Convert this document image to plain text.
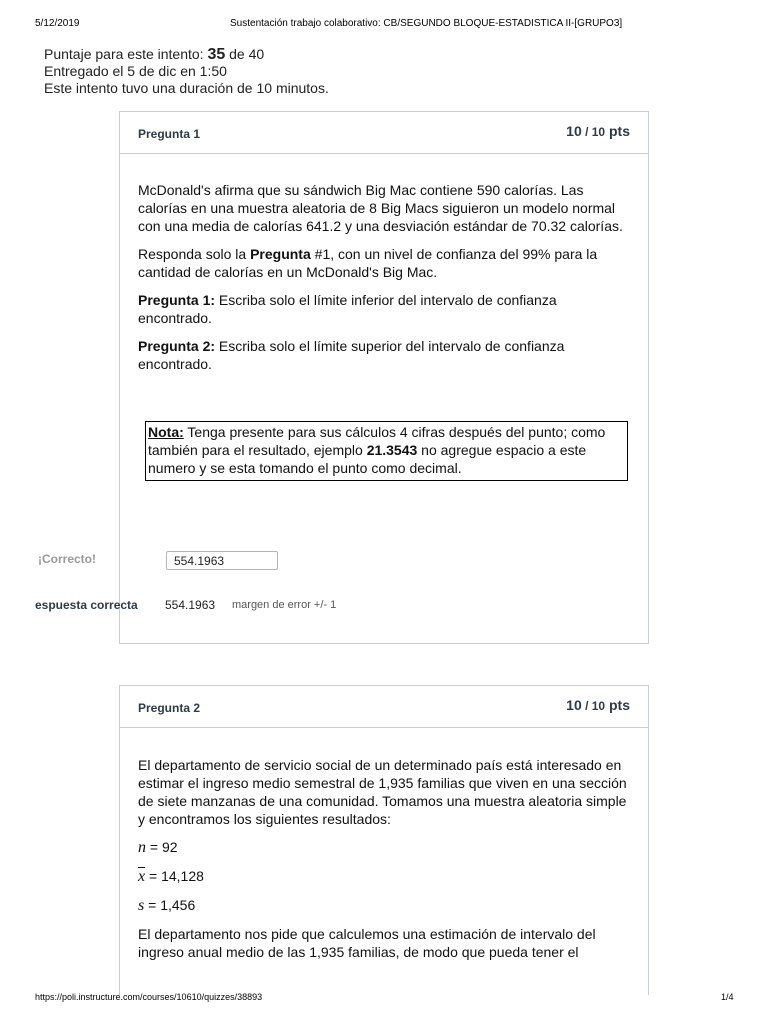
5/12/2019	Sustentación trabajo colaborativo: CB/SEGUNDO BLOQUE-ESTADISTICA II-[GRUPO3]
Puntaje para este intento: 35 de 40
Entregado el 5 de dic en 1:50
Este intento tuvo una duración de 10 minutos.
Pregunta 1	10 / 10 pts

McDonald's afirma que su sándwich Big Mac contiene 590 calorías. Las calorías en una muestra aleatoria de 8 Big Macs siguieron un modelo normal con una media de calorías 641.2 y una desviación estándar de 70.32 calorías.

Responda solo la Pregunta #1, con un nivel de confianza del 99% para la cantidad de calorías en un McDonald's Big Mac.

Pregunta 1: Escriba solo el límite inferior del intervalo de confianza encontrado.

Pregunta 2: Escriba solo el límite superior del intervalo de confianza encontrado.

Nota: Tenga presente para sus cálculos 4 cifras después del punto; como también para el resultado, ejemplo 21.3543 no agregue espacio a este numero y se esta tomando el punto como decimal.
¡Correcto!	554.1963
espuesta correcta 554.1963 margen de error +/- 1
Pregunta 2	10 / 10 pts

El departamento de servicio social de un determinado país está interesado en estimar el ingreso medio semestral de 1,935 familias que viven en una sección de siete manzanas de una comunidad. Tomamos una muestra aleatoria simple y encontramos los siguientes resultados:

n = 92

$\overline{x} = 14,128$

s = 1,456

El departamento nos pide que calculemos una estimación de intervalo del ingreso anual medio de las 1,935 familias, de modo que pueda tener el

https://poli.instructure.com/courses/10610/quizzes/38893	1/4
